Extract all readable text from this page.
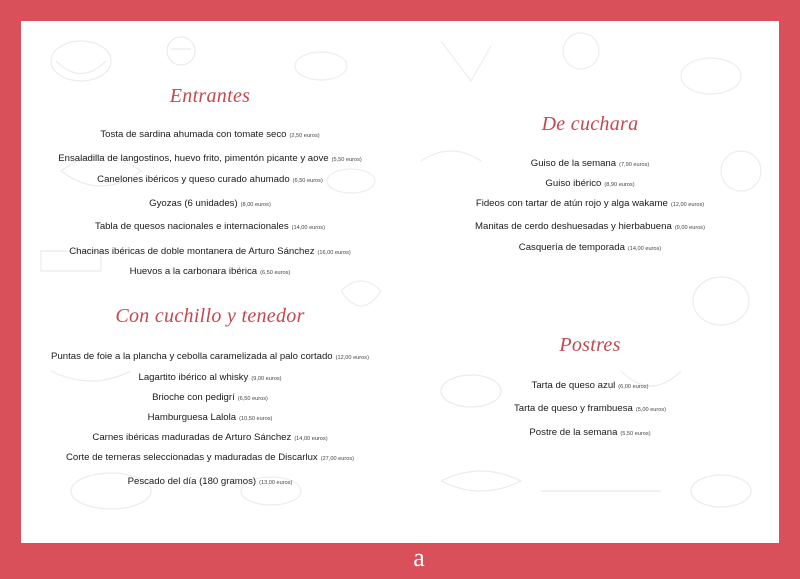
Entrantes
Tosta de sardina ahumada con tomate seco (2,50 euros)
Ensaladilla de langostinos, huevo frito, pimentón picante y aove (5,50 euros)
Canelones ibéricos y queso curado ahumado (6,50 euros)
Gyozas (6 unidades) (8,00 euros)
Tabla de quesos nacionales e internacionales (14,00 euros)
Chacinas ibéricas de doble montanera de Arturo Sánchez (16,00 euros)
Huevos a la carbonara ibérica (6,50 euros)
Con cuchillo y tenedor
Puntas de foie a la plancha y cebolla caramelizada al palo cortado (12,00 euros)
Lagartito ibérico al whisky (9,00 euros)
Brioche con pedigrí (6,50 euros)
Hamburguesa Lalola (10,50 euros)
Carnes ibéricas maduradas de Arturo Sánchez (14,00 euros)
Corte de terneras seleccionadas y maduradas de Discarlux (27,00 euros)
Pescado del día (180 gramos) (13,00 euros)
De cuchara
Guiso de la semana (7,90 euros)
Guiso ibérico (8,90 euros)
Fideos con tartar de atún rojo y alga wakame (12,00 euros)
Manitas de cerdo deshuesadas y hierbabuena (9,00 euros)
Casquería de temporada (14,00 euros)
Postres
Tarta de queso azul (6,00 euros)
Tarta de queso y frambuesa (5,00 euros)
Postre de la semana (5,50 euros)
a
